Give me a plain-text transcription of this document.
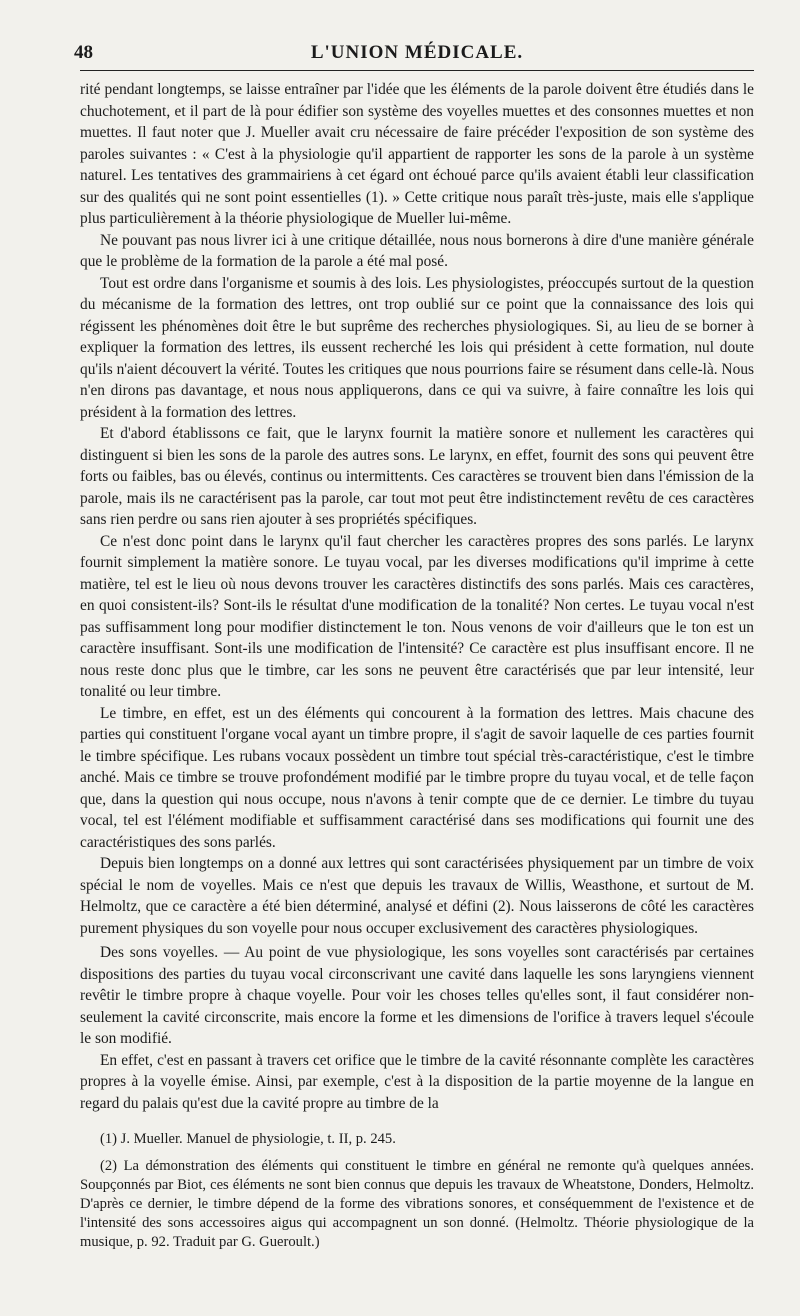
48	L'UNION MÉDICALE.

rité pendant longtemps, se laisse entraîner par l'idée que les éléments de la parole doivent être étudiés dans le chuchotement, et il part de là pour édifier son système des voyelles muettes et des consonnes muettes et non muettes. Il faut noter que J. Mueller avait cru nécessaire de faire précéder l'exposition de son système des paroles suivantes : « C'est à la physiologie qu'il appartient de rapporter les sons de la parole à un système naturel. Les tentatives des grammairiens à cet égard ont échoué parce qu'ils avaient établi leur classification sur des qualités qui ne sont point essentielles (1). » Cette critique nous paraît très-juste, mais elle s'applique plus particulièrement à la théorie physiologique de Mueller lui-même.

Ne pouvant pas nous livrer ici à une critique détaillée, nous nous bornerons à dire d'une manière générale que le problème de la formation de la parole a été mal posé.

Tout est ordre dans l'organisme et soumis à des lois. Les physiologistes, préoccupés surtout de la question du mécanisme de la formation des lettres, ont trop oublié sur ce point que la connaissance des lois qui régissent les phénomènes doit être le but suprême des recherches physiologiques. Si, au lieu de se borner à expliquer la formation des lettres, ils eussent recherché les lois qui président à cette formation, nul doute qu'ils n'aient découvert la vérité. Toutes les critiques que nous pourrions faire se résument dans celle-là. Nous n'en dirons pas davantage, et nous nous appliquerons, dans ce qui va suivre, à faire connaître les lois qui président à la formation des lettres.

Et d'abord établissons ce fait, que le larynx fournit la matière sonore et nullement les caractères qui distinguent si bien les sons de la parole des autres sons. Le larynx, en effet, fournit des sons qui peuvent être forts ou faibles, bas ou élevés, continus ou intermittents. Ces caractères se trouvent bien dans l'émission de la parole, mais ils ne caractérisent pas la parole, car tout mot peut être indistinctement revêtu de ces caractères sans rien perdre ou sans rien ajouter à ses propriétés spécifiques.

Ce n'est donc point dans le larynx qu'il faut chercher les caractères propres des sons parlés. Le larynx fournit simplement la matière sonore. Le tuyau vocal, par les diverses modifications qu'il imprime à cette matière, tel est le lieu où nous devons trouver les caractères distinctifs des sons parlés. Mais ces caractères, en quoi consistent-ils? Sont-ils le résultat d'une modification de la tonalité? Non certes. Le tuyau vocal n'est pas suffisamment long pour modifier distinctement le ton. Nous venons de voir d'ailleurs que le ton est un caractère insuffisant. Sont-ils une modification de l'intensité? Ce caractère est plus insuffisant encore. Il ne nous reste donc plus que le timbre, car les sons ne peuvent être caractérisés que par leur intensité, leur tonalité ou leur timbre.

Le timbre, en effet, est un des éléments qui concourent à la formation des lettres. Mais chacune des parties qui constituent l'organe vocal ayant un timbre propre, il s'agit de savoir laquelle de ces parties fournit le timbre spécifique. Les rubans vocaux possèdent un timbre tout spécial très-caractéristique, c'est le timbre anché. Mais ce timbre se trouve profondément modifié par le timbre propre du tuyau vocal, et de telle façon que, dans la question qui nous occupe, nous n'avons à tenir compte que de ce dernier. Le timbre du tuyau vocal, tel est l'élément modifiable et suffisamment caractérisé dans ses modifications qui fournit une des caractéristiques des sons parlés.

Depuis bien longtemps on a donné aux lettres qui sont caractérisées physiquement par un timbre de voix spécial le nom de voyelles. Mais ce n'est que depuis les travaux de Willis, Weasthone, et surtout de M. Helmoltz, que ce caractère a été bien déterminé, analysé et défini (2). Nous laisserons de côté les caractères purement physiques du son voyelle pour nous occuper exclusivement des caractères physiologiques.

Des sons voyelles. — Au point de vue physiologique, les sons voyelles sont caractérisés par certaines dispositions des parties du tuyau vocal circonscrivant une cavité dans laquelle les sons laryngiens viennent revêtir le timbre propre à chaque voyelle. Pour voir les choses telles qu'elles sont, il faut considérer non-seulement la cavité circonscrite, mais encore la forme et les dimensions de l'orifice à travers lequel s'écoule le son modifié.

En effet, c'est en passant à travers cet orifice que le timbre de la cavité résonnante complète les caractères propres à la voyelle émise. Ainsi, par exemple, c'est à la disposition de la partie moyenne de la langue en regard du palais qu'est due la cavité propre au timbre de la

(1) J. Mueller. Manuel de physiologie, t. II, p. 245.

(2) La démonstration des éléments qui constituent le timbre en général ne remonte qu'à quelques années. Soupçonnés par Biot, ces éléments ne sont bien connus que depuis les travaux de Wheatstone, Donders, Helmoltz. D'après ce dernier, le timbre dépend de la forme des vibrations sonores, et conséquemment de l'existence et de l'intensité des sons accessoires aigus qui accompagnent un son donné. (Helmoltz. Théorie physiologique de la musique, p. 92. Traduit par G. Gueroult.)
